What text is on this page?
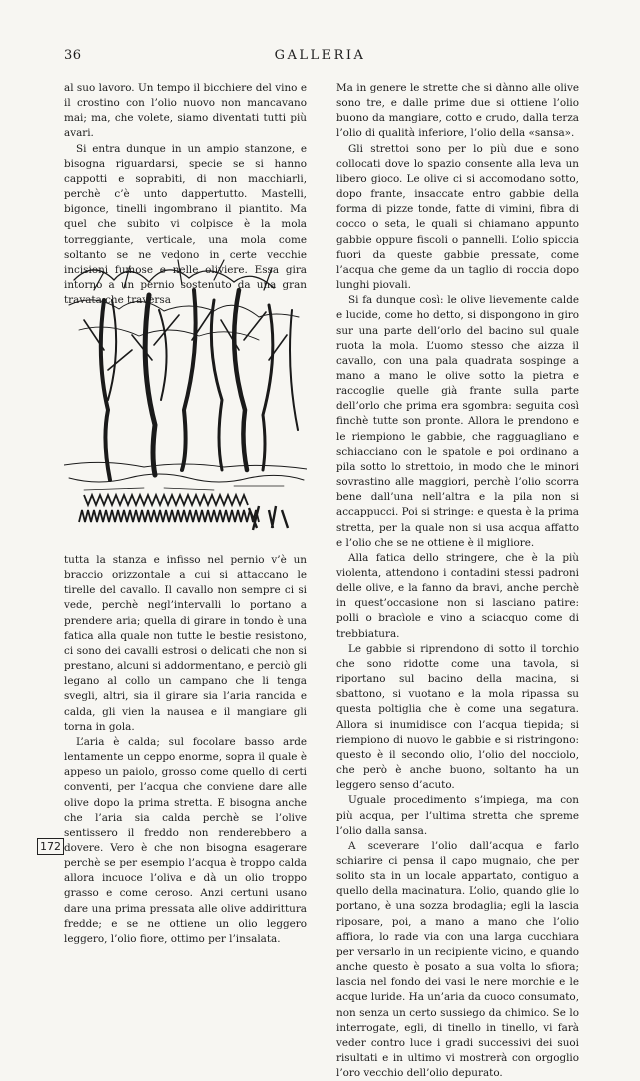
36	GALLERIA

al suo lavoro. Un tempo il bicchiere del vino e il crostino con l’olio nuovo non mancavano mai; ma, che volete, siamo diventati tutti più avari.

Si entra dunque in un ampio stanzone, e bisogna riguardarsi, specie se si hanno cappotti e soprabiti, di non macchiarli, perchè c’è unto dappertutto. Mastelli, bigonce, tinelli ingombrano il piantito. Ma quel che subito vi colpisce è la mola torreggiante, verticale, una mola come soltanto se ne vedono in certe vecchie incisioni fumose e nelle oliviere. Essa gira intorno a un pernio sostenuto da una gran travata che traversa

tutta la stanza e infisso nel pernio v’è un braccio orizzontale a cui si attaccano le tirelle del cavallo. Il cavallo non sempre ci si vede, perchè negl’intervalli lo portano a prendere aria; quella di girare in tondo è una fatica alla quale non tutte le bestie resistono, ci sono dei cavalli estrosi o delicati che non si prestano, alcuni si addormentano, e perciò gli legano al collo un campano che li tenga svegli, altri, sia il girare sia l’aria rancida e calda, gli vien la nausea e il mangiare gli torna in gola.

L’aria è calda; sul focolare basso arde lentamente un ceppo enorme, sopra il quale è appeso un paiolo, grosso come quello di certi conventi, per l’acqua che conviene dare alle olive dopo la prima stretta. E bisogna anche che l’aria sia calda perchè se l’olive sentissero il freddo non renderebbero a dovere. Vero è che non bisogna esagerare perchè se per esempio l’acqua è troppo calda allora incuoce l’oliva e dà un olio troppo grasso e come ceroso. Anzi certuni usano dare una prima pressata alle olive addirittura fredde; e se ne ottiene un olio leggero leggero, l’olio fiore, ottimo per l’insalata.

Ma in genere le strette che si dànno alle olive sono tre, e dalle prime due si ottiene l’olio buono da mangiare, cotto e crudo, dalla terza l’olio di qualità inferiore, l’olio della «sansa».

Gli strettoi sono per lo più due e sono collocati dove lo spazio consente alla leva un libero gioco. Le olive ci si accomodano sotto, dopo frante, insaccate entro gabbie della forma di pizze tonde, fatte di vimini, fibra di cocco o seta, le quali si chiamano appunto gabbie oppure fiscoli o pannelli. L’olio spiccia fuori da queste gabbie pressate, come l’acqua che geme da un taglio di roccia dopo lunghi piovali.

Si fa dunque così: le olive lievemente calde e lucide, come ho detto, si dispongono in giro sur una parte dell’orlo del bacino sul quale ruota la mola. L’uomo stesso che aizza il cavallo, con una pala quadrata sospinge a mano a mano le olive sotto la pietra e raccoglie quelle già frante sulla parte dell’orlo che prima era sgombra: seguita così finchè tutte son pronte. Allora le prendono e le riempiono le gabbie, che ragguagliano e schiacciano con le spatole e poi ordinano a pila sotto lo strettoio, in modo che le minori sovrastino alle maggiori, perchè l’olio scorra bene dall’una nell’altra e la pila non si accappucci. Poi si stringe: e questa è la prima stretta, per la quale non si usa acqua affatto e l’olio che se ne ottiene è il migliore.

Alla fatica dello stringere, che è la più violenta, attendono i contadini stessi padroni delle olive, e la fanno da bravi, anche perchè in quest’occasione non si lasciano patire: polli o bracìole e vino a sciacquo come di trebbiatura.

Le gabbie si riprendono di sotto il torchio che sono ridotte come una tavola, si riportano sul bacino della macina, si sbattono, si vuotano e la mola ripassa su questa poltiglia che è come una segatura. Allora si inumidisce con l’acqua tiepida; si riempiono di nuovo le gabbie e si ristringono: questo è il secondo olio, l’olio del nocciolo, che però è anche buono, soltanto ha un leggero senso d’acuto.

Uguale procedimento s’impiega, ma con più acqua, per l’ultima stretta che spreme l’olio dalla sansa.

A sceverare l’olio dall’acqua e farlo schiarire ci pensa il capo mugnaio, che per solito sta in un locale appartato, contiguo a quello della macinatura. L’olio, quando glie lo portano, è una sozza brodaglia; egli la lascia riposare, poi, a mano a mano che l’olio affiora, lo rade via con una larga cucchiara per versarlo in un recipiente vicino, e quando anche questo è posato a sua volta lo sfiora; lascia nel fondo dei vasi le nere morchie e le acque luride. Ha un’aria da cuoco consumato, non senza un certo sussiego da chimico. Se lo interrogate, egli, di tinello in tinello, vi farà veder contro luce i gradi successivi dei suoi risultati e in ultimo vi mostrerà con orgoglio l’oro vecchio dell’olio depurato.

172
